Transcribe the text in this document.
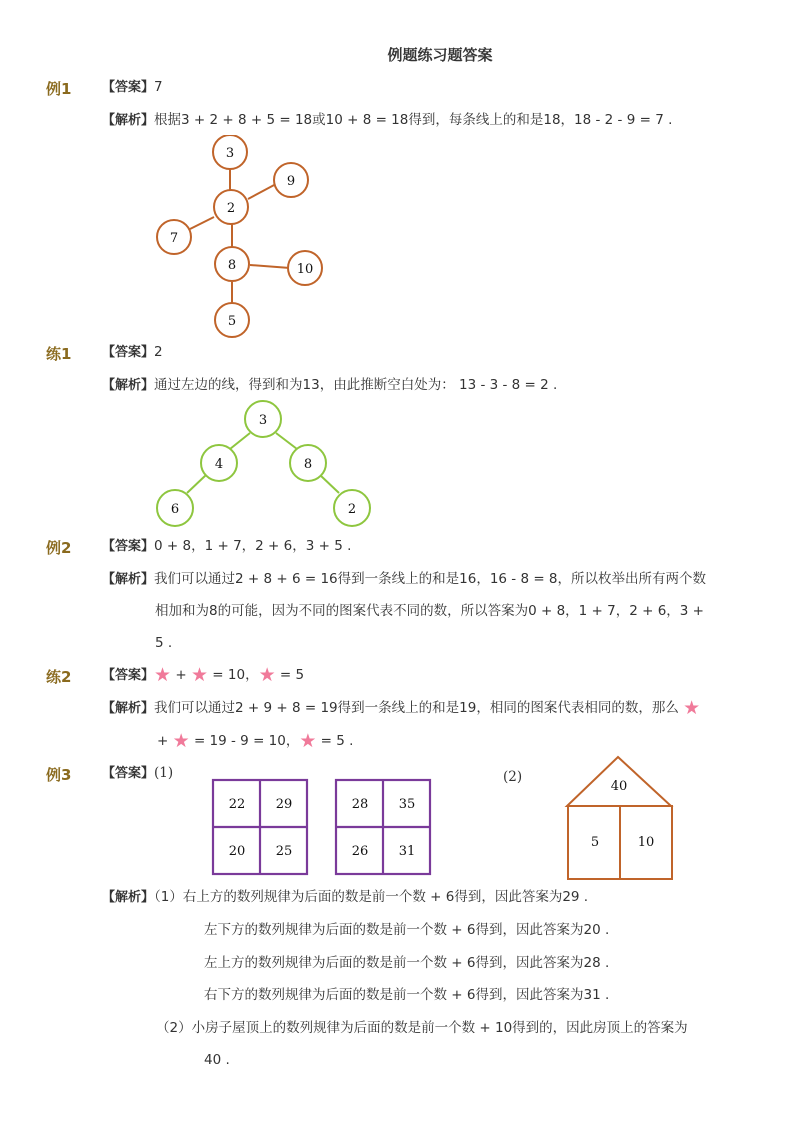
例题练习题答案
例1 【答案】7
【解析】根据3 + 2 + 8 + 5 = 18或10 + 8 = 18得到，每条线上的和是18，18 - 2 - 9 = 7 .
3
9
2
7
8	10
5
练1 【答案】2
【解析】通过左边的线，得到和为13，由此推断空白处为： 13 - 3 - 8 = 2 .
3
4	8
6	2
例2 【答案】0 + 8，1 + 7，2 + 6，3 + 5 .
【解析】我们可以通过2 + 8 + 6 = 16得到一条线上的和是16，16 - 8 = 8，所以枚举出所有两个数
相加和为8的可能，因为不同的图案代表不同的数，所以答案为0 + 8，1 + 7，2 + 6，3 +
5 .
练2 【答案】★ + ★ = 10，★ = 5
【解析】我们可以通过2 + 9 + 8 = 19得到一条线上的和是19，相同的图案代表相同的数，那么 ★
+ ★ = 19 - 9 = 10，★ = 5 .
例3 【答案】(1)
22 29
20 25
28 35
26 31
(2)
40
5	10
【解析】（1）右上方的数列规律为后面的数是前一个数 + 6得到，因此答案为29 .
左下方的数列规律为后面的数是前一个数 + 6得到，因此答案为20 .
左上方的数列规律为后面的数是前一个数 + 6得到，因此答案为28 .
右下方的数列规律为后面的数是前一个数 + 6得到，因此答案为31 .
（2）小房子屋顶上的数列规律为后面的数是前一个数 + 10得到的，因此房顶上的答案为
40 .
